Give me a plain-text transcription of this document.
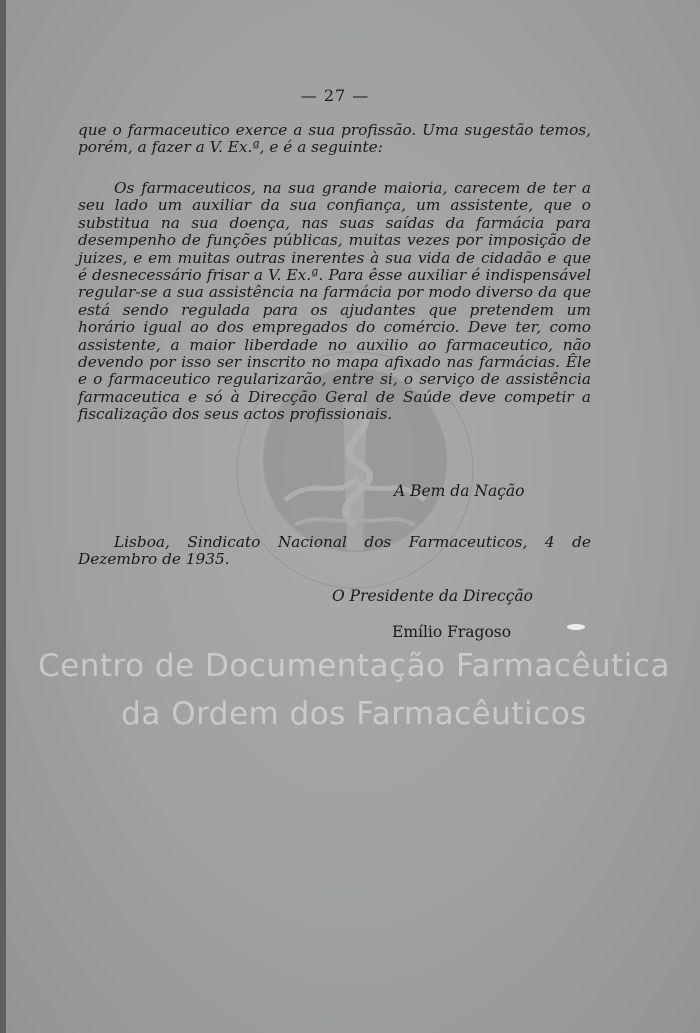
— 27 —

que o farmaceutico exerce a sua profissão. Uma sugestão temos, porém, a fazer a V. Ex.ª, e é a seguinte:

Os farmaceuticos, na sua grande maioria, carecem de ter a seu lado um auxiliar da sua confiança, um assistente, que o substitua na sua doença, nas suas saídas da farmácia para desempenho de funções públicas, muitas vezes por imposição de juizes, e em muitas outras inerentes à sua vida de cidadão e que é desnecessário frisar a V. Ex.ª. Para êsse auxiliar é indispensável regular-se a sua assistência na farmácia por modo diverso da que está sendo regulada para os ajudantes que pretendem um horário igual ao dos empregados do comércio. Deve ter, como assistente, a maior liberdade no auxilio ao farmaceutico, não devendo por isso ser inscrito no mapa afixado nas farmácias. Êle e o farmaceutico regularizarão, entre si, o serviço de assistência farmaceutica e só à Direcção Geral de Saúde deve competir a fiscalização dos seus actos profissionais.

A Bem da Nação

Lisboa, Sindicato Nacional dos Farmaceuticos, 4 de Dezembro de 1935.

O Presidente da Direcção
Emílio Fragoso
Centro de Documentação Farmacêutica
da Ordem dos Farmacêuticos
